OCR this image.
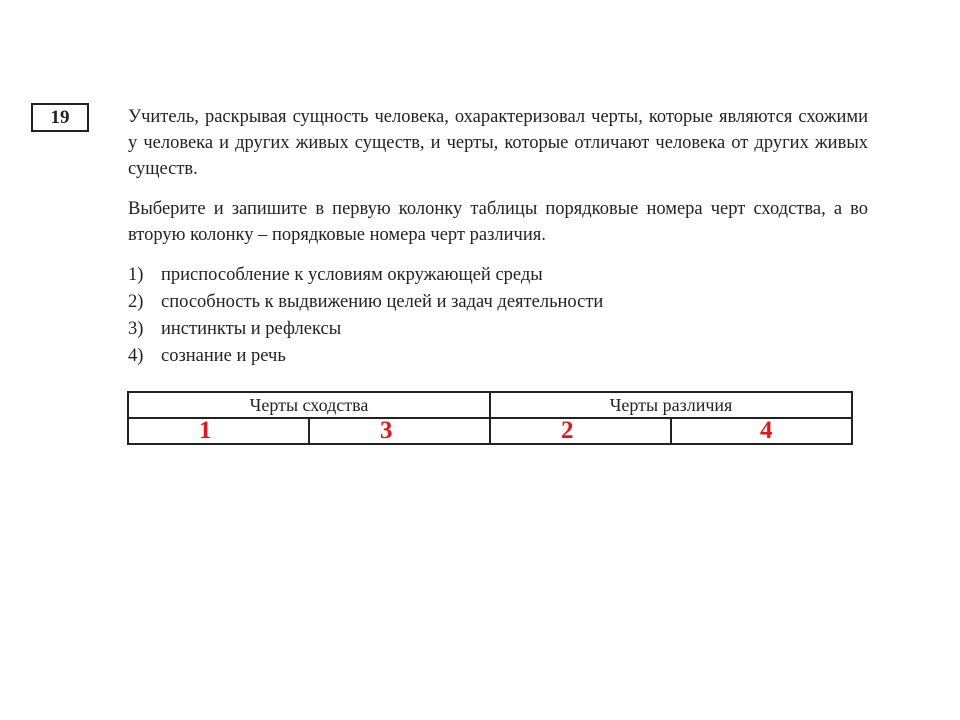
19	Учитель, раскрывая сущность человека, охарактеризовал черты, которые являются схожими у человека и других живых существ, и черты, которые отличают человека от других живых существ.

Выберите и запишите в первую колонку таблицы порядковые номера черт сходства, а во вторую колонку – порядковые номера черт различия.

1) приспособление к условиям окружающей среды
2) способность к выдвижению целей и задач деятельности
3) инстинкты и рефлексы
4) сознание и речь
Черты сходства		Черты различия	
1	3	2	4
